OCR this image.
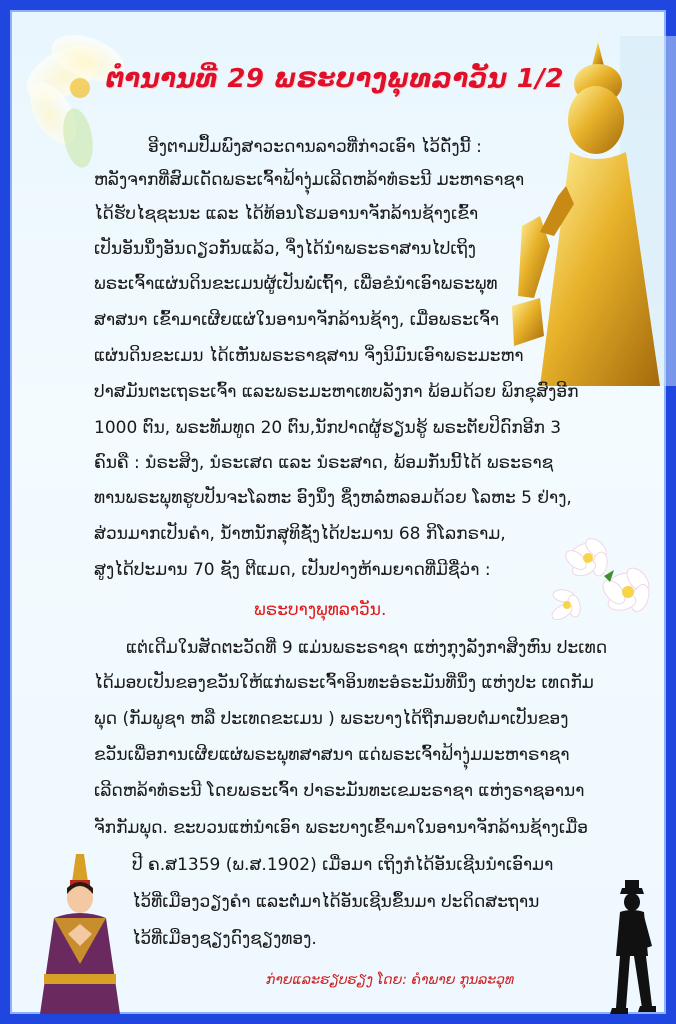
ຕຳນານທີ່ 29 ພຣະບາງພຸທລາວັນ 1/2
ອີງຕາມປຶ້ມພົງສາວະດານລາວທີ່ກ່າວເອົາ ໄວ້ດັ່ງນີ້ :
ຫລັງຈາກທີ່ສົມເດັດພຣະເຈົ້າຟ້າງຸ່ມເລີດຫລ້າທໍຣະນີ ມະຫາຣາຊາ
ໄດ້ຮັບໄຊຊະນະ ແລະ ໄດ້ທ້ອນໂຮມອານາຈັກລ້ານຊ້າງເຂົ້າ
ເປັນອັນນຶ່ງອັນດຽວກັນແລ້ວ, ຈຶ່ງໄດ້ນຳພຣະຣາສານໄປເຖິງ
ພຣະເຈົ້າແຜ່ນດິນຂະເມນຜູ້ເປັນພໍ່ເຖົ້າ, ເພື່ອຂໍນຳເອົາພຣະພຸທ
ສາສນາ ເຂົ້າມາເຜີຍແຜ່ໃນອານາຈັກລ້ານຊ້າງ, ເມື່ອພຣະເຈົ້າ
ແຜ່ນດິນຂະເມນ ໄດ້ເຫັນພຣະຣາຊສານ ຈິ່ງນິມົນເອົາພຣະມະຫາ
ປາສມັນຕະເຖຣະເຈົ້າ ແລະພຣະມະຫາເທບລັງກາ ພ້ອມດ້ວຍ ພິກຂຸສົງອີກ
1000 ຕົນ, ພຣະທັມທູດ 20 ຕົນ,ນັກປາດຜູ້ຮຽນຮູ້ ພຣະຕັຍປິດົກອີກ 3
ຄົນຄື : ນໍຣະສິງ, ນໍຣະເສດ ແລະ ນໍຣະສາດ, ພ້ອມກັນນີ້ໄດ້ ພຣະຣາຊ
ທານພຣະພຸທຮູບປັນຈະໂລຫະ ອົງນຶ່ງ ຊຶ່ງຫລໍ່ຫລອມດ້ວຍ ໂລຫະ 5 ຢ່າງ,
ສ່ວນມາກເປັນຄຳ, ນ້ຳຫນັກສຸທິຊັ່ງໄດ້ປະມານ 68 ກິໂລກຣາມ,
ສູງໄດ້ປະມານ 70 ຊັງ ຕີແມດ, ເປັນປາງຫ້າມຍາດທີ່ມີຊື່ວ່າ :
ພຣະບາງພຸທລາວັນ.
ແຕ່ເດີມໃນສັດຕະວັດທີ່ 9 ແມ່ນພຣະຣາຊາ ແຫ່ງກຸງລັງກາສິງຫົນ ປະເທດ
ໄດ້ມອບເປັນຂອງຂວັນໃຫ້ແກ່ພຣະເຈົ້າອິນທະອໍຣະມັນທີ່ນຶ່ງ ແຫ່ງປະ ເທດກັມ
ພຸດ (ກັມພູຊາ ຫລື ປະເທດຂະເມນ ) ພຣະບາງໄດ້ຖືກມອບຕໍ່ມາເປັນຂອງ
ຂວັນເພື່ອການເຜີຍແຜ່ພຣະພຸທສາສນາ ແດ່ພຣະເຈົ້າຟ້າງຸ່ມມະຫາຣາຊາ
ເລີດຫລ້າທໍຣະນີ ໂດຍພຣະເຈົ້າ ປາຣະມັນທະເຂມະຣາຊາ ແຫ່ງຣາຊອານາ
ຈັກກັມພຸດ. ຂະບວນແຫ່ນຳເອົາ ພຣະບາງເຂົ້າມາໃນອານາຈັກລ້ານຊ້າງເມື່ອ
ປີ ຄ.ສ1359 (ພ.ສ.1902) ເມື່ອມາ ເຖິງກໍໄດ້ອັນເຊີນນຳເອົາມາ
ໄວ້ທີ່ເມືອງວຽງຄຳ ແລະຕໍ່ມາໄດ້ອັນເຊີນຂຶ້ນມາ ປະດິດສະຖານ
ໄວ້ທີ່ເມືອງຊຽງດົງຊຽງທອງ.
ກ່າຍແລະຮຽບຮຽງ ໂດຍ: ຄຳພາຍ ກຸນລະວຸທ
